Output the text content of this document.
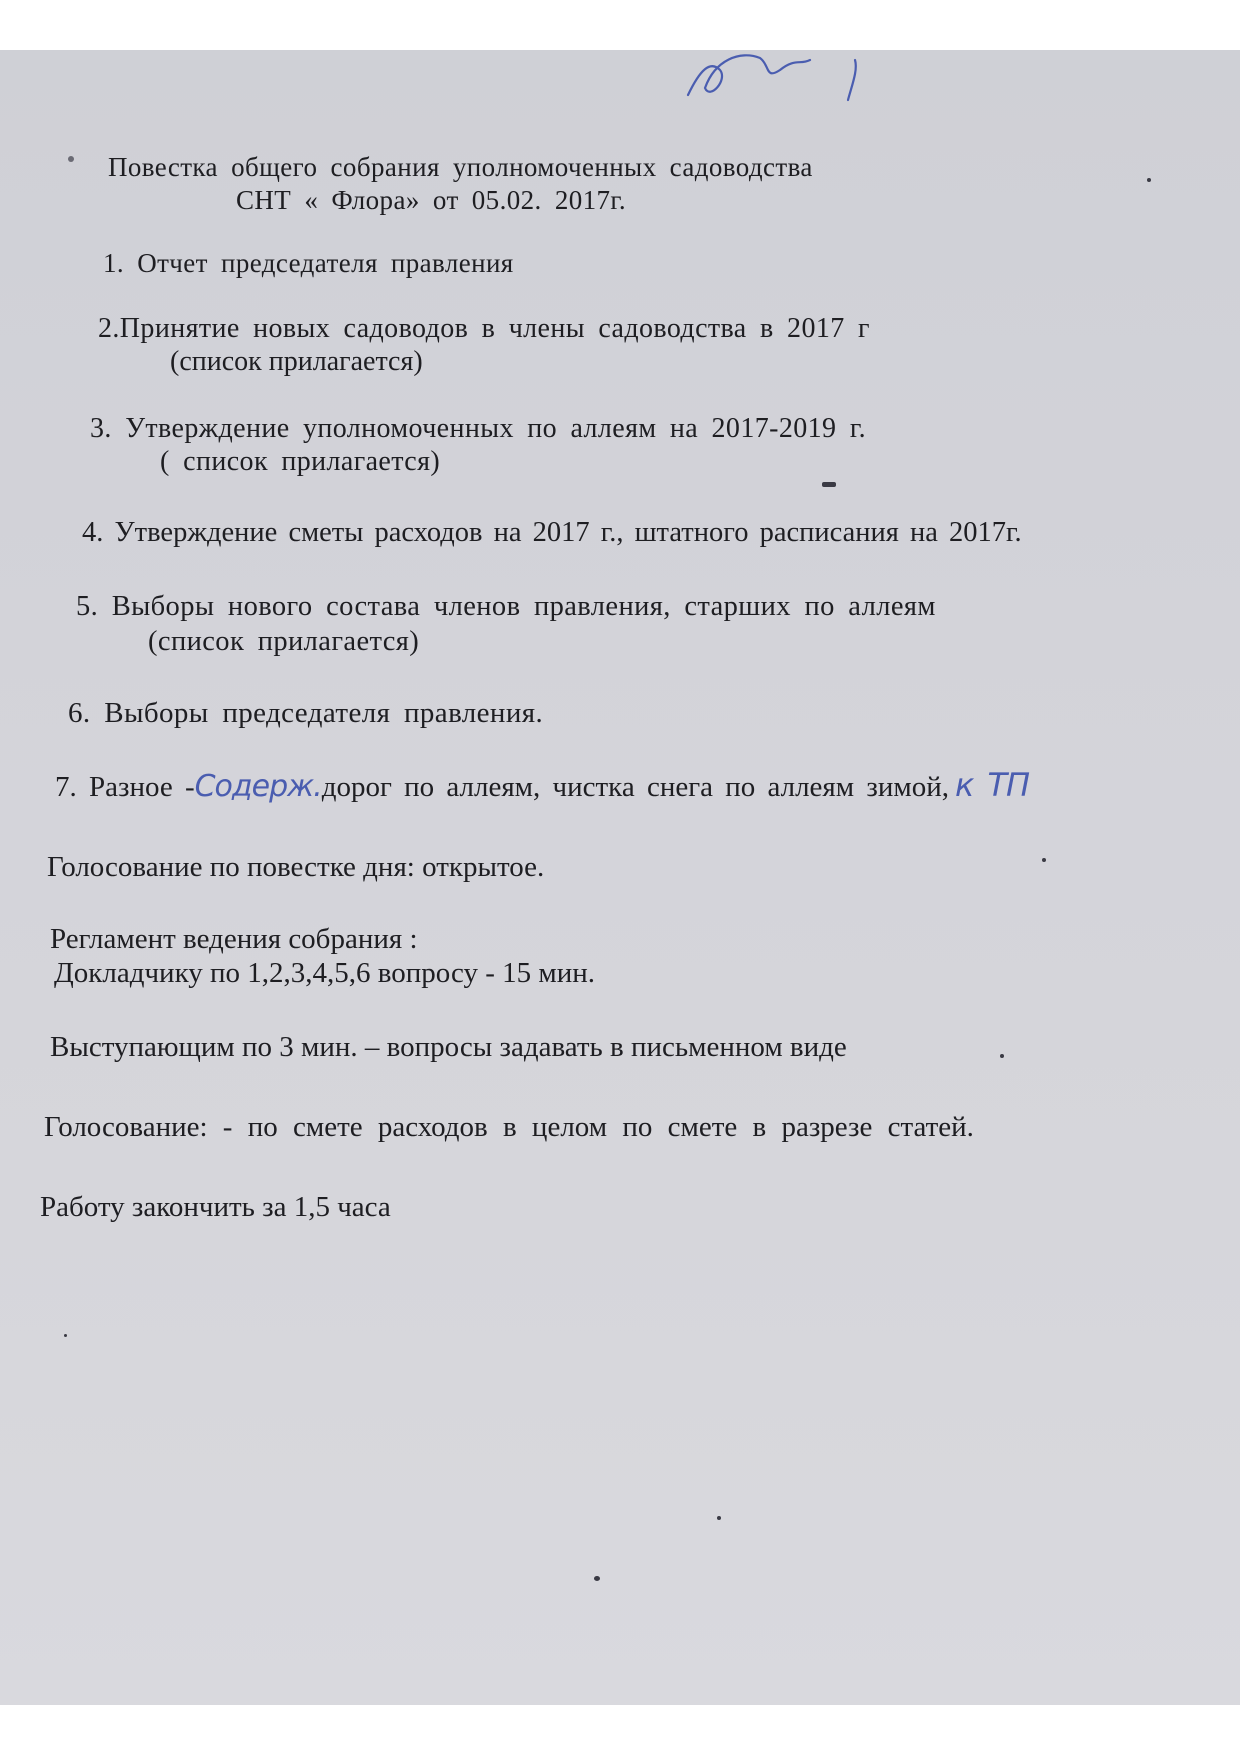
Повестка общего собрания уполномоченных садоводства
СНТ « Флора» от 05.02. 2017г.
1. Отчет председателя правления
2.Принятие новых садоводов в члены садоводства в 2017 г
(список прилагается)
3. Утверждение уполномоченных по аллеям на 2017-2019 г.
( список прилагается)
4. Утверждение сметы расходов на 2017 г., штатного расписания на 2017г.
5. Выборы нового состава членов правления, старших по аллеям
(список прилагается)
6. Выборы председателя правления.
7. Разное -Содерж.дорог по аллеям, чистка снега по аллеям зимой, к ТП
Голосование по повестке дня: открытое.
Регламент ведения собрания :
Докладчику по 1,2,3,4,5,6 вопросу - 15 мин.
Выступающим по 3 мин. – вопросы задавать в письменном виде
Голосование: - по смете расходов в целом по смете в разрезе статей.
Работу закончить за 1,5 часа
